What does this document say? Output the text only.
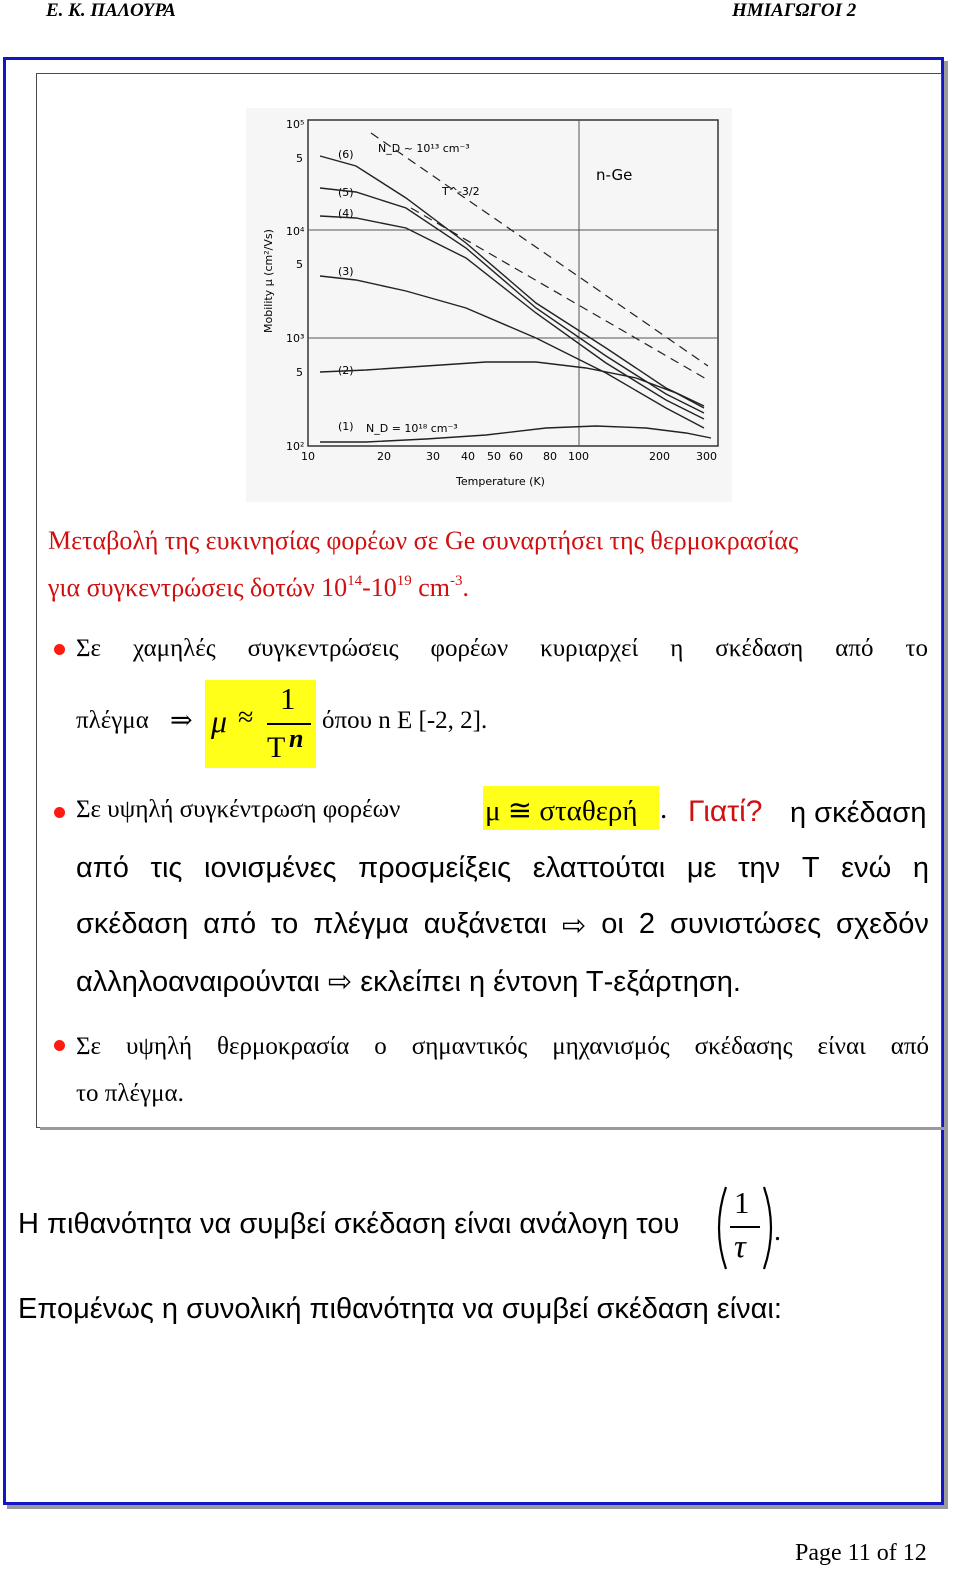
Ε. Κ. ΠΑΛΟΥΡΑ	ΗΜΙΑΓΩΓΟΙ 2
10⁵
5
10⁴
5
10³
5
10²
10	20	30 40 50 60 80 100	200 300
Temperature (K)
Mobility μ (cm²/Vs)
n-Ge
N_D ~ 10¹³ cm⁻³
T^-3/2
N_D = 10¹⁸ cm⁻³
(6)
(5)
(4)
(3)
(2)
(1)
Μεταβολή της ευκινησίας φορέων σε Ge συναρτήσει της θερμοκρασίας
για συγκεντρώσεις δοτών $10^{14}-10^{19}$ $cm^{-3}$.
Σε χαμηλές συγκεντρώσεις φορέων κυριαρχεί η σκέδαση από το
πλέγμα ⇒ μ ≈
1
T n
όπου n Ε [-2, 2].
Σε υψηλή συγκέντρωση φορέων	μ ≅ σταθερή . Γιατί? η σκέδαση
από τις ιονισμένες προσμείξεις ελαττούται με την Τ ενώ η
σκέδαση από το πλέγμα αυξάνεται ⇨ οι 2 συνιστώσες σχεδόν
αλληλοαναιρούνται ⇨ εκλείπει η έντονη Τ-εξάρτηση.
Σε υψηλή θερμοκρασία ο σημαντικός μηχανισμός σκέδασης είναι από
το πλέγμα.
Η πιθανότητα να συμβεί σκέδαση είναι ανάλογη του
1
τ .
Επομένως η συνολική πιθανότητα να συμβεί σκέδαση είναι:
Page 11 of 12
